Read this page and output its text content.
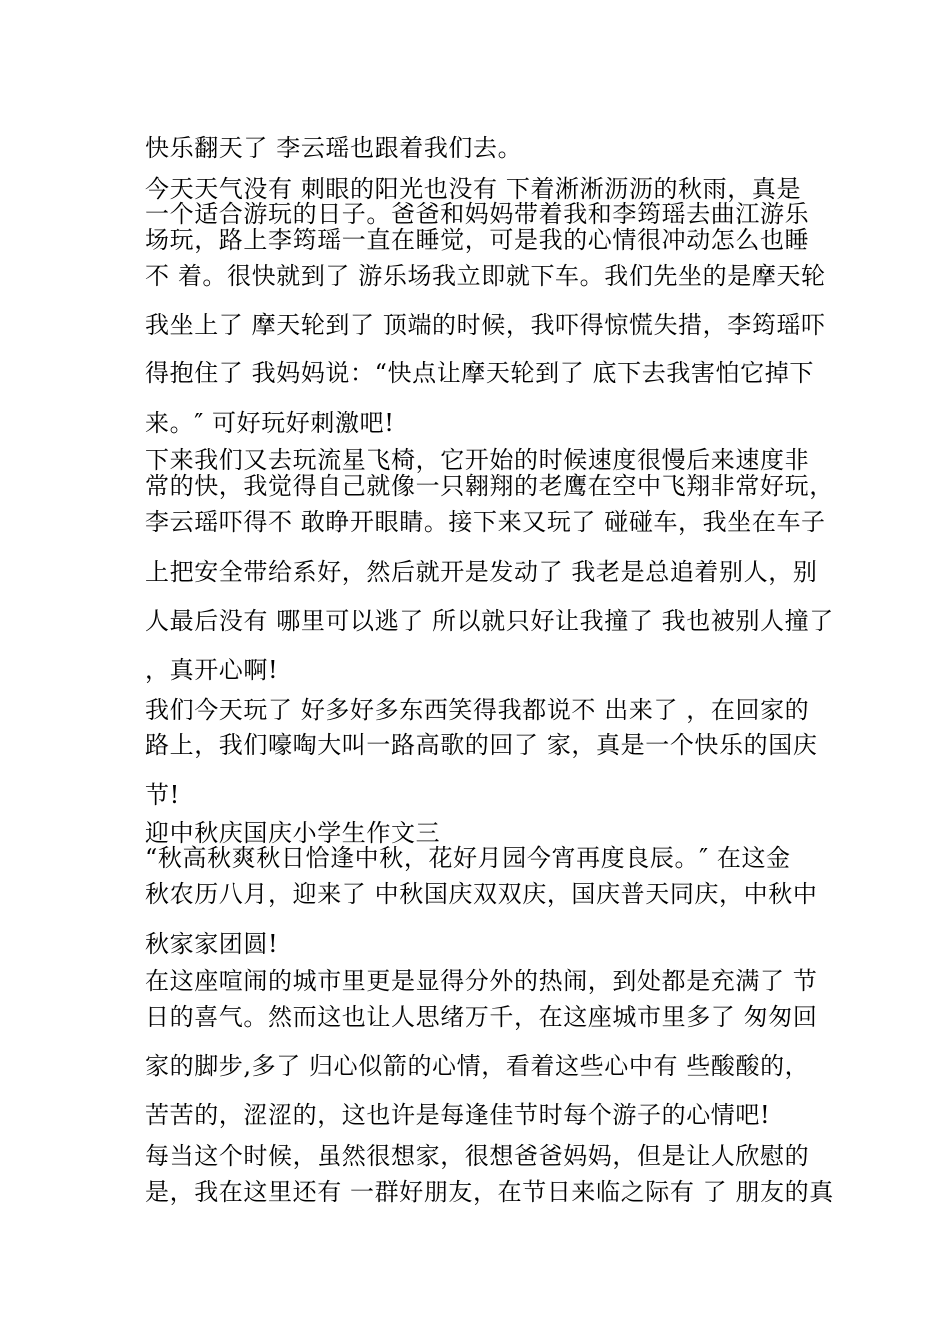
快乐翻天了 李云瑶也跟着我们去。
今天天气没有 刺眼的阳光也没有 下着淅淅沥沥的秋雨，真是
一个适合游玩的日子。爸爸和妈妈带着我和李筠瑶去曲江游乐
场玩，路上李筠瑶一直在睡觉，可是我的心情很冲动怎么也睡
不 着。很快就到了 游乐场我立即就下车。我们先坐的是摩天轮
我坐上了 摩天轮到了 顶端的时候，我吓得惊慌失措，李筠瑶吓
得抱住了 我妈妈说：“快点让摩天轮到了 底下去我害怕它掉下
来。″ 可好玩好刺激吧!
下来我们又去玩流星飞椅，它开始的时候速度很慢后来速度非
常的快，我觉得自己就像一只翱翔的老鹰在空中飞翔非常好玩，
李云瑶吓得不 敢睁开眼睛。接下来又玩了 碰碰车，我坐在车子
上把安全带给系好，然后就开是发动了 我老是总追着别人，别
人最后没有 哪里可以逃了 所以就只好让我撞了 我也被别人撞了
，真开心啊!
我们今天玩了 好多好多东西笑得我都说不 出来了 ，在回家的
路上，我们嚎啕大叫一路高歌的回了 家，真是一个快乐的国庆
节!
迎中秋庆国庆小学生作文三
“秋高秋爽秋日恰逢中秋，花好月园今宵再度良辰。″ 在这金
秋农历八月，迎来了 中秋国庆双双庆，国庆普天同庆，中秋中
秋家家团圆!
在这座喧闹的城市里更是显得分外的热闹，到处都是充满了 节
日的喜气。然而这也让人思绪万千，在这座城市里多了 匆匆回
家的脚步,多了 归心似箭的心情，看着这些心中有 些酸酸的，
苦苦的，涩涩的，这也许是每逢佳节时每个游子的心情吧!
每当这个时候，虽然很想家，很想爸爸妈妈，但是让人欣慰的
是，我在这里还有 一群好朋友，在节日来临之际有 了 朋友的真
